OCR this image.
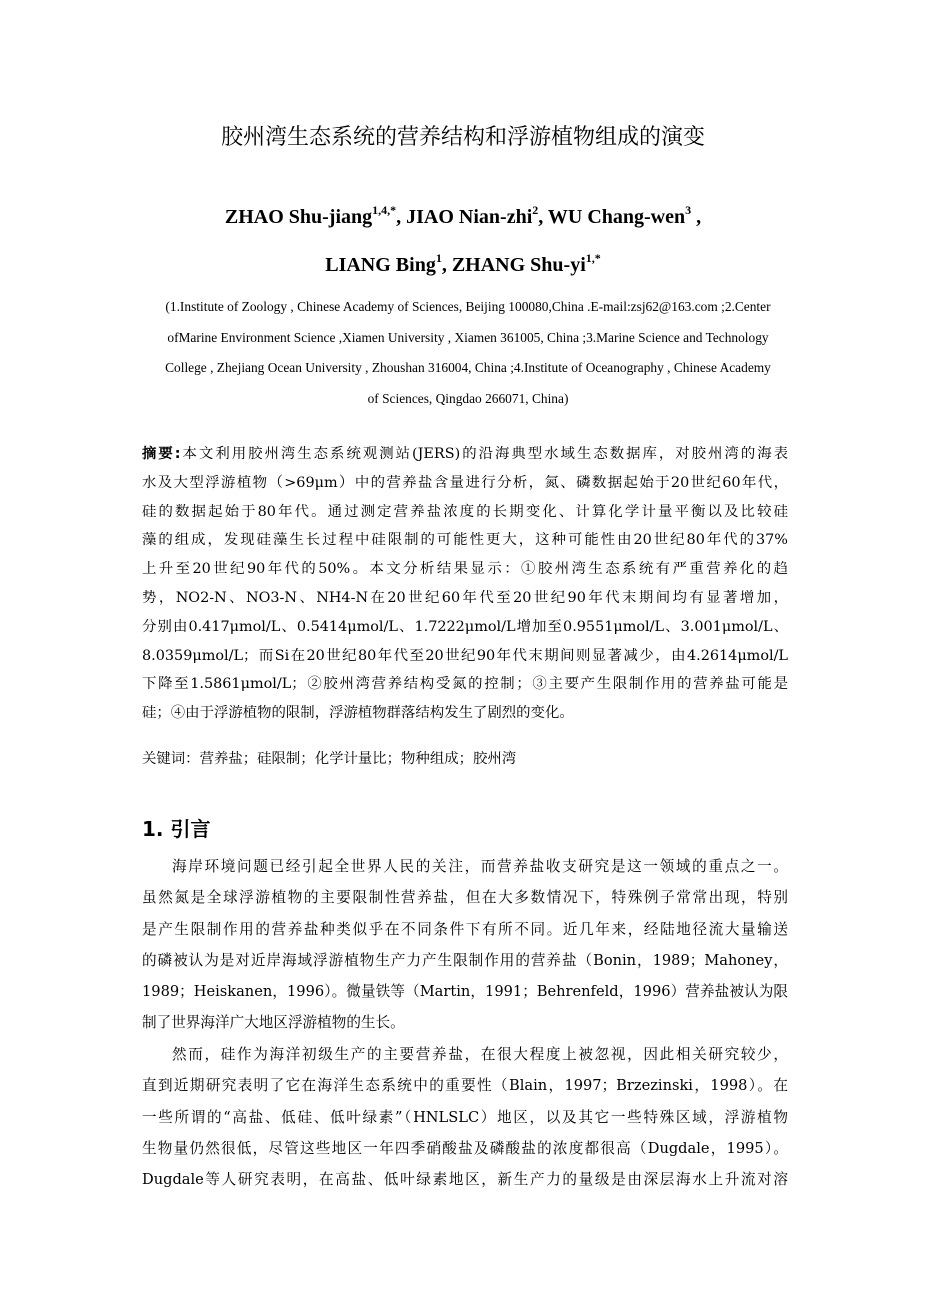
胶州湾生态系统的营养结构和浮游植物组成的演变
ZHAO Shu-jiang$^{1,4,*}$, JIAO Nian-zhi$^2$, WU Chang-wen$^3$ ,
LIANG Bing$^1$, ZHANG Shu-$yi^{1,*}$
(1.Institute of Zoology , Chinese Academy of Sciences, Beijing 100080,China .E-mail:zsj62@163.com ;2.Center
ofMarine Environment Science ,Xiamen University , Xiamen 361005, China ;3.Marine Science and Technology
College , Zhejiang Ocean University , Zhoushan 316004, China ;4.Institute of Oceanography , Chinese Academy
of Sciences, Qingdao 266071, China)
摘要:本文利用胶州湾生态系统观测站(JERS)的沿海典型水域生态数据库，对胶州湾的海表
水及大型浮游植物（>69μm）中的营养盐含量进行分析，氮、磷数据起始于20世纪60年代，
硅的数据起始于80年代。通过测定营养盐浓度的长期变化、计算化学计量平衡以及比较硅
藻的组成，发现硅藻生长过程中硅限制的可能性更大，这种可能性由20世纪80年代的37%
上升至20世纪90年代的50%。本文分析结果显示：①胶州湾生态系统有严重营养化的趋
势，NO2-N、NO3-N、NH4-N在20世纪60年代至20世纪90年代末期间均有显著增加，
分别由0.417μmol/L、0.5414μmol/L、1.7222μmol/L增加至0.9551μmol/L、3.001μmol/L、
8.0359μmol/L；而Si在20世纪80年代至20世纪90年代末期间则显著减少，由4.2614μmol/L
下降至1.5861μmol/L；②胶州湾营养结构受氮的控制；③主要产生限制作用的营养盐可能是
硅；④由于浮游植物的限制，浮游植物群落结构发生了剧烈的变化。
关键词：营养盐；硅限制；化学计量比；物种组成；胶州湾
1. 引言
海岸环境问题已经引起全世界人民的关注，而营养盐收支研究是这一领域的重点之一。
虽然氮是全球浮游植物的主要限制性营养盐，但在大多数情况下，特殊例子常常出现，特别
是产生限制作用的营养盐种类似乎在不同条件下有所不同。近几年来，经陆地径流大量输送
的磷被认为是对近岸海域浮游植物生产力产生限制作用的营养盐（Bonin，1989；Mahoney，
1989；Heiskanen，1996）。微量铁等（Martin，1991；Behrenfeld，1996）营养盐被认为限
制了世界海洋广大地区浮游植物的生长。
然而，硅作为海洋初级生产的主要营养盐，在很大程度上被忽视，因此相关研究较少，
直到近期研究表明了它在海洋生态系统中的重要性（Blain，1997；Brzezinski，1998）。在
一些所谓的“高盐、低硅、低叶绿素”（HNLSLC）地区，以及其它一些特殊区域，浮游植物
生物量仍然很低，尽管这些地区一年四季硝酸盐及磷酸盐的浓度都很高（Dugdale，1995）。
Dugdale等人研究表明，在高盐、低叶绿素地区，新生产力的量级是由深层海水上升流对溶
